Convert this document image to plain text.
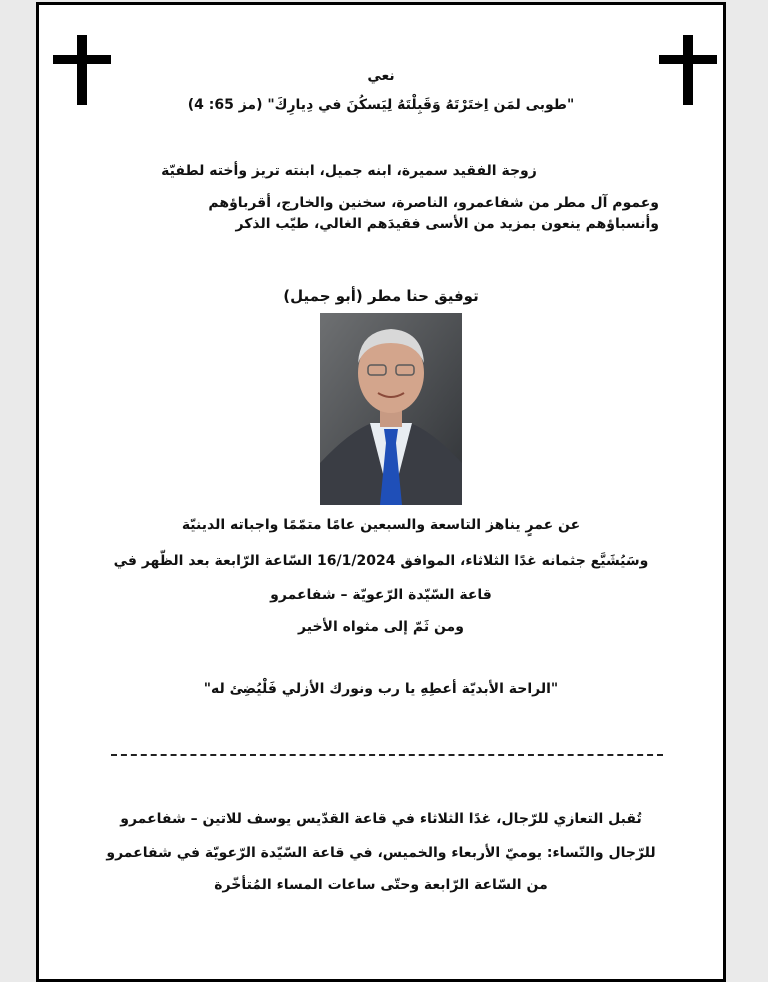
نعي
"طوبى لمَن اِختَرْتَهُ وَقَبِلْتَهُ لِيَسكُنَ في دِيارِكَ" (مز 65: 4)
زوجة الفقيد سميرة، ابنه جميل، ابنته تريز وأخته لطفيّة
وعموم آل مطر من شفاعمرو، الناصرة، سخنين والخارج، أقرباؤهم وأنسباؤهم ينعون بمزيد من الأسى فقيدَهم الغالي، طيّب الذكر
توفيق حنا مطر (أبو جميل)
عن عمرٍ يناهز التاسعة والسبعين عامًا متمّمًا واجباته الدينيّة
وسَيُشَيَّع جثمانه غدًا الثلاثاء، الموافق 16/1/2024 السّاعة الرّابعة بعد الظّهر في
قاعة السّيّدة الرّعويّة – شفاعمرو
ومن ثَمّ إلى مثواه الأخير
"الراحة الأبديّة أعطِهِ يا رب ونورك الأزلي فَلْيُضِئ له"
تُقبل التعازي للرّجال، غدًا الثلاثاء في قاعة القدّيس يوسف للاتين – شفاعمرو
للرّجال والنّساء: يوميّ الأربعاء والخميس، في قاعة السّيّدة الرّعويّة في شفاعمرو
من السّاعة الرّابعة وحتّى ساعات المساء المُتأخّرة
